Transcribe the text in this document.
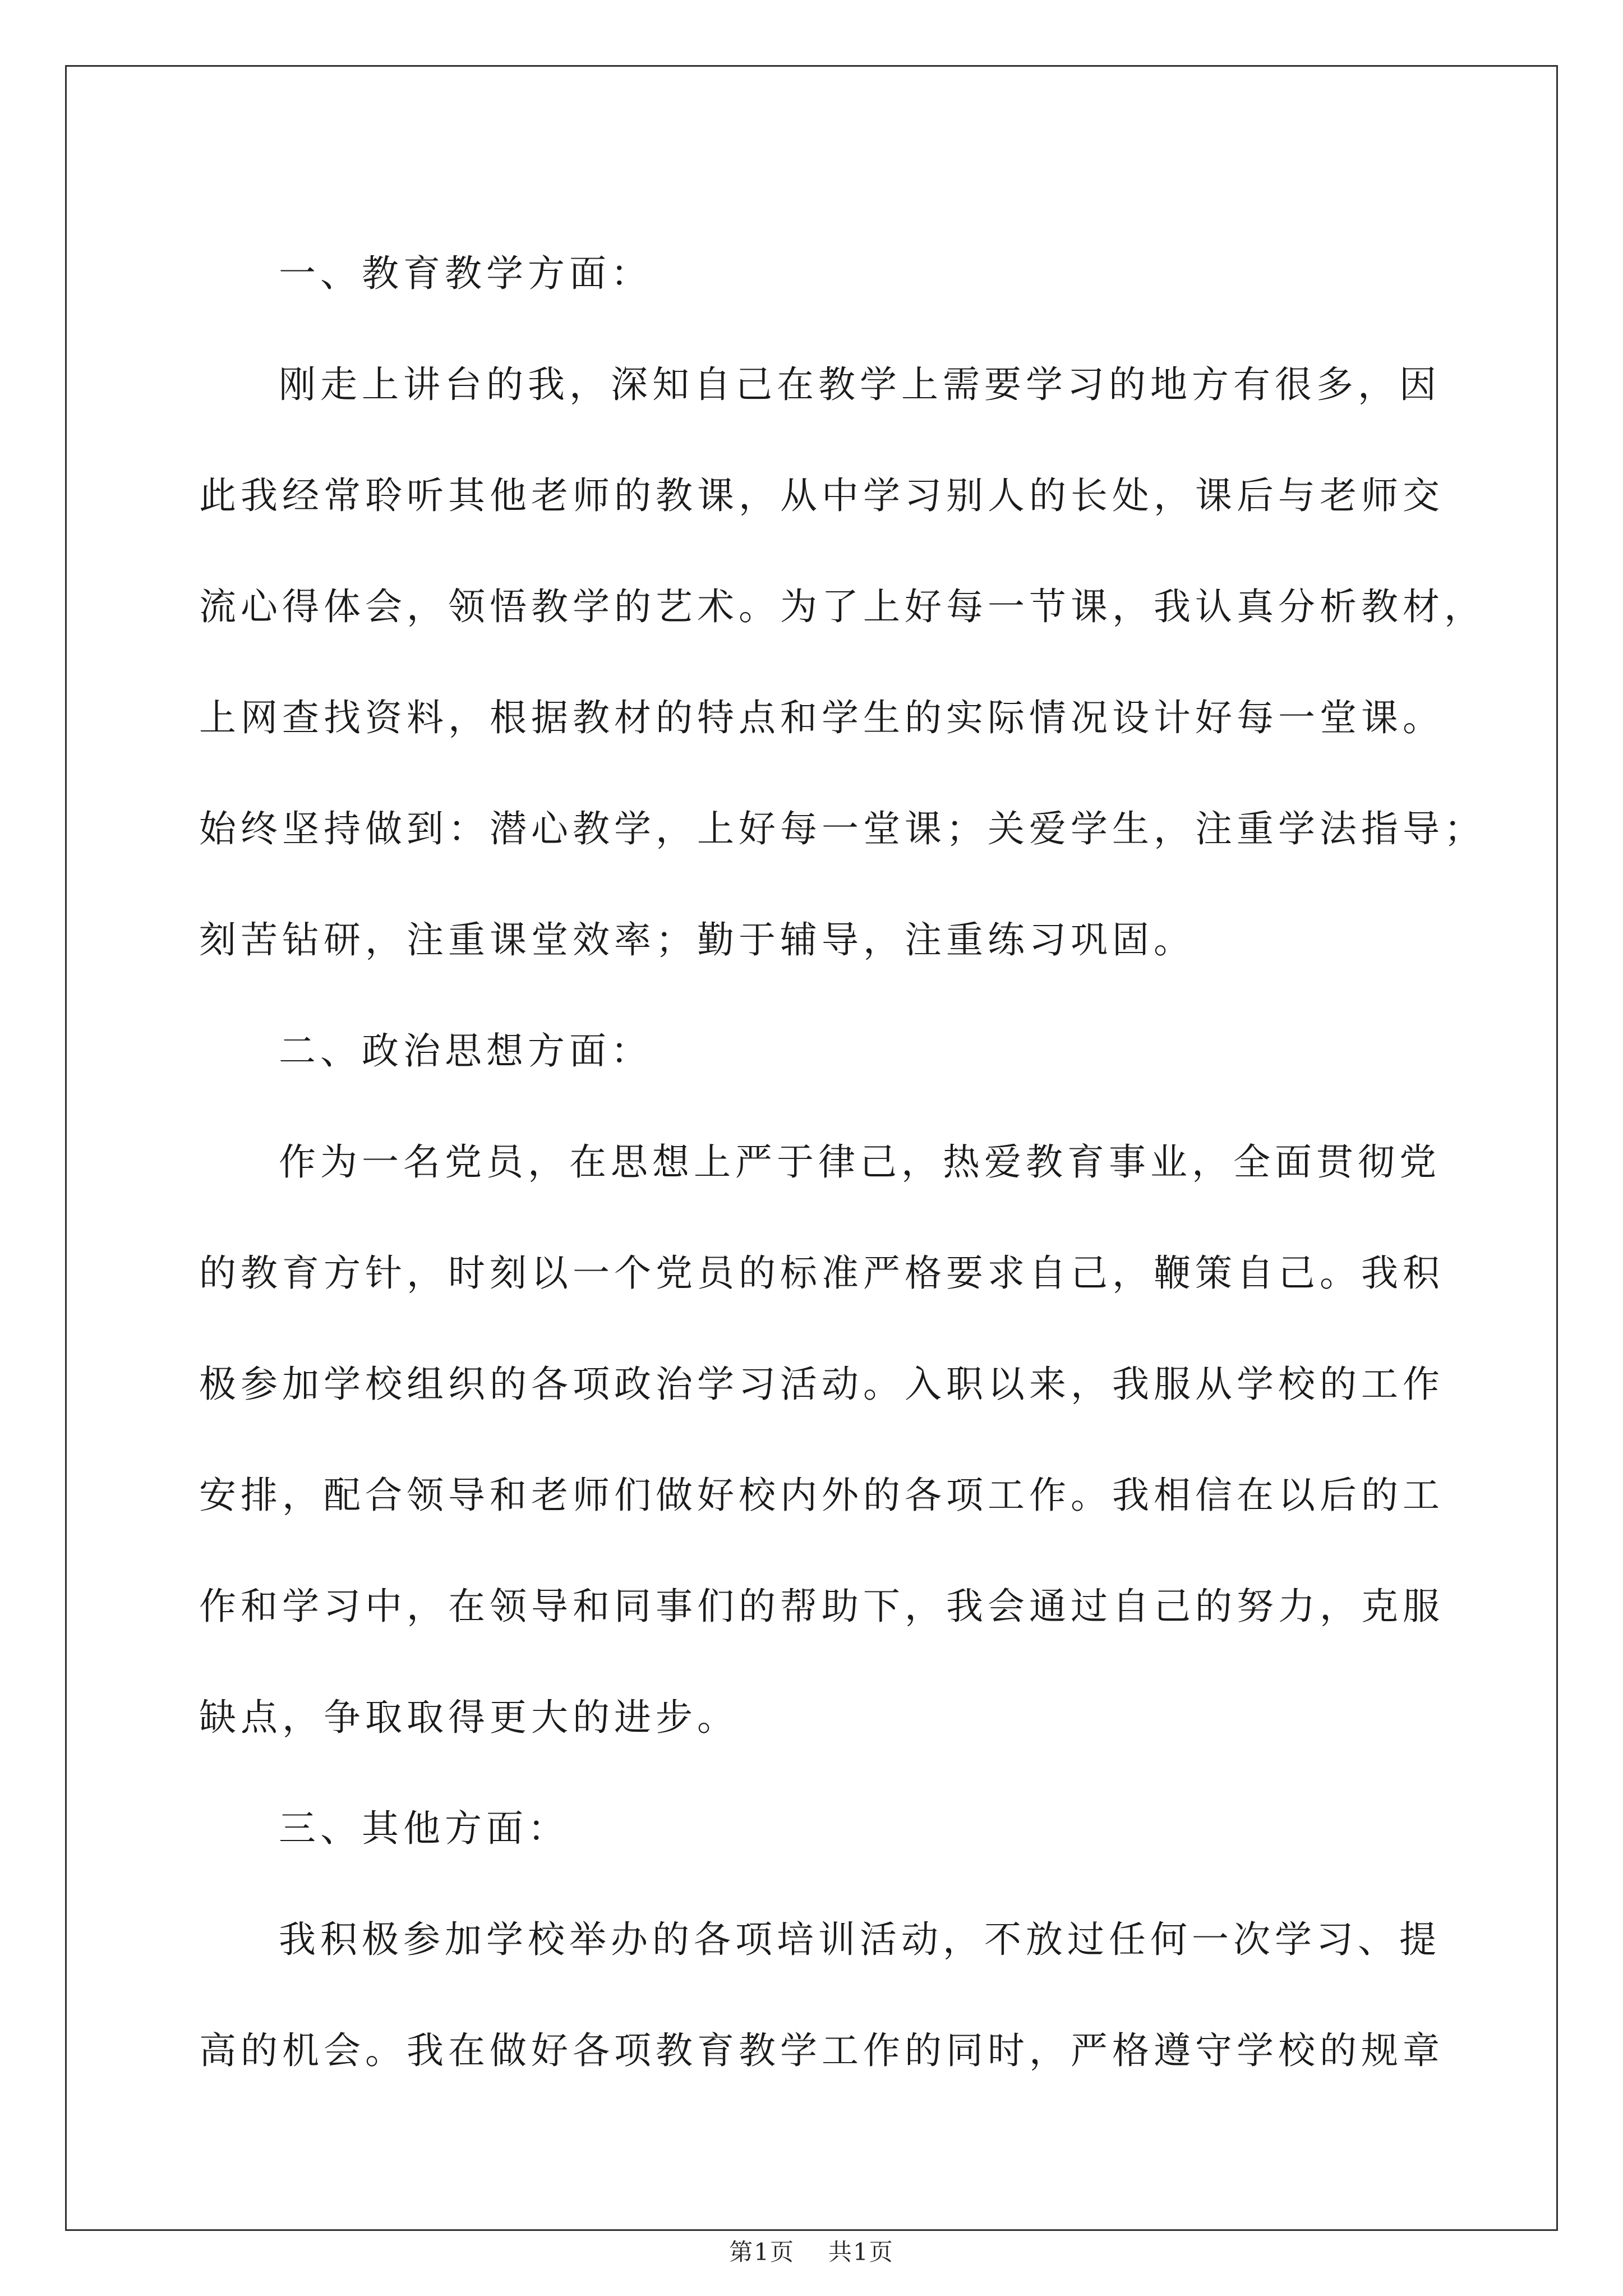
一、教育教学方面：
刚走上讲台的我，深知自己在教学上需要学习的地方有很多，因
此我经常聆听其他老师的教课，从中学习别人的长处，课后与老师交
流心得体会，领悟教学的艺术。为了上好每一节课，我认真分析教材，
上网查找资料，根据教材的特点和学生的实际情况设计好每一堂课。
始终坚持做到：潜心教学，上好每一堂课；关爱学生，注重学法指导；
刻苦钻研，注重课堂效率；勤于辅导，注重练习巩固。
二、政治思想方面：
作为一名党员，在思想上严于律己，热爱教育事业，全面贯彻党
的教育方针，时刻以一个党员的标准严格要求自己，鞭策自己。我积
极参加学校组织的各项政治学习活动。入职以来，我服从学校的工作
安排，配合领导和老师们做好校内外的各项工作。我相信在以后的工
作和学习中，在领导和同事们的帮助下，我会通过自己的努力，克服
缺点，争取取得更大的进步。
三、其他方面：
我积极参加学校举办的各项培训活动，不放过任何一次学习、提
高的机会。我在做好各项教育教学工作的同时，严格遵守学校的规章
第1页 共1页
